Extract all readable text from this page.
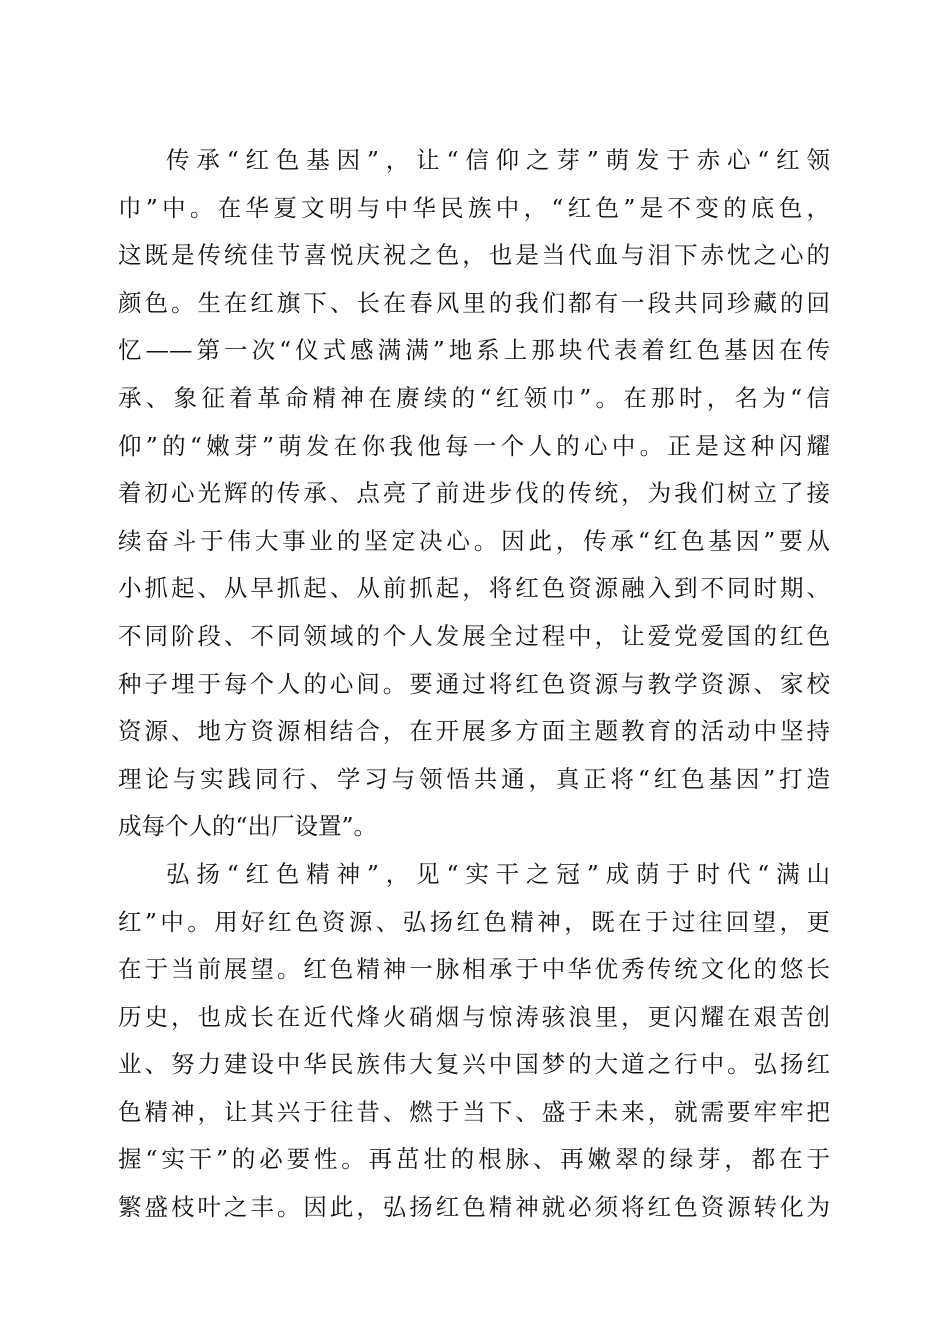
传承“红色基因”，让“信仰之芽”萌发于赤心“红领
巾”中。在华夏文明与中华民族中，“红色”是不变的底色，
这既是传统佳节喜悦庆祝之色，也是当代血与泪下赤忱之心的
颜色。生在红旗下、长在春风里的我们都有一段共同珍藏的回
忆——第一次“仪式感满满”地系上那块代表着红色基因在传
承、象征着革命精神在赓续的“红领巾”。在那时，名为“信
仰”的“嫩芽”萌发在你我他每一个人的心中。正是这种闪耀
着初心光辉的传承、点亮了前进步伐的传统，为我们树立了接
续奋斗于伟大事业的坚定决心。因此，传承“红色基因”要从
小抓起、从早抓起、从前抓起，将红色资源融入到不同时期、
不同阶段、不同领域的个人发展全过程中，让爱党爱国的红色
种子埋于每个人的心间。要通过将红色资源与教学资源、家校
资源、地方资源相结合，在开展多方面主题教育的活动中坚持
理论与实践同行、学习与领悟共通，真正将“红色基因”打造
成每个人的“出厂设置”。
弘扬“红色精神”，见“实干之冠”成荫于时代“满山
红”中。用好红色资源、弘扬红色精神，既在于过往回望，更
在于当前展望。红色精神一脉相承于中华优秀传统文化的悠长
历史，也成长在近代烽火硝烟与惊涛骇浪里，更闪耀在艰苦创
业、努力建设中华民族伟大复兴中国梦的大道之行中。弘扬红
色精神，让其兴于往昔、燃于当下、盛于未来，就需要牢牢把
握“实干”的必要性。再茁壮的根脉、再嫩翠的绿芽，都在于
繁盛枝叶之丰。因此，弘扬红色精神就必须将红色资源转化为
